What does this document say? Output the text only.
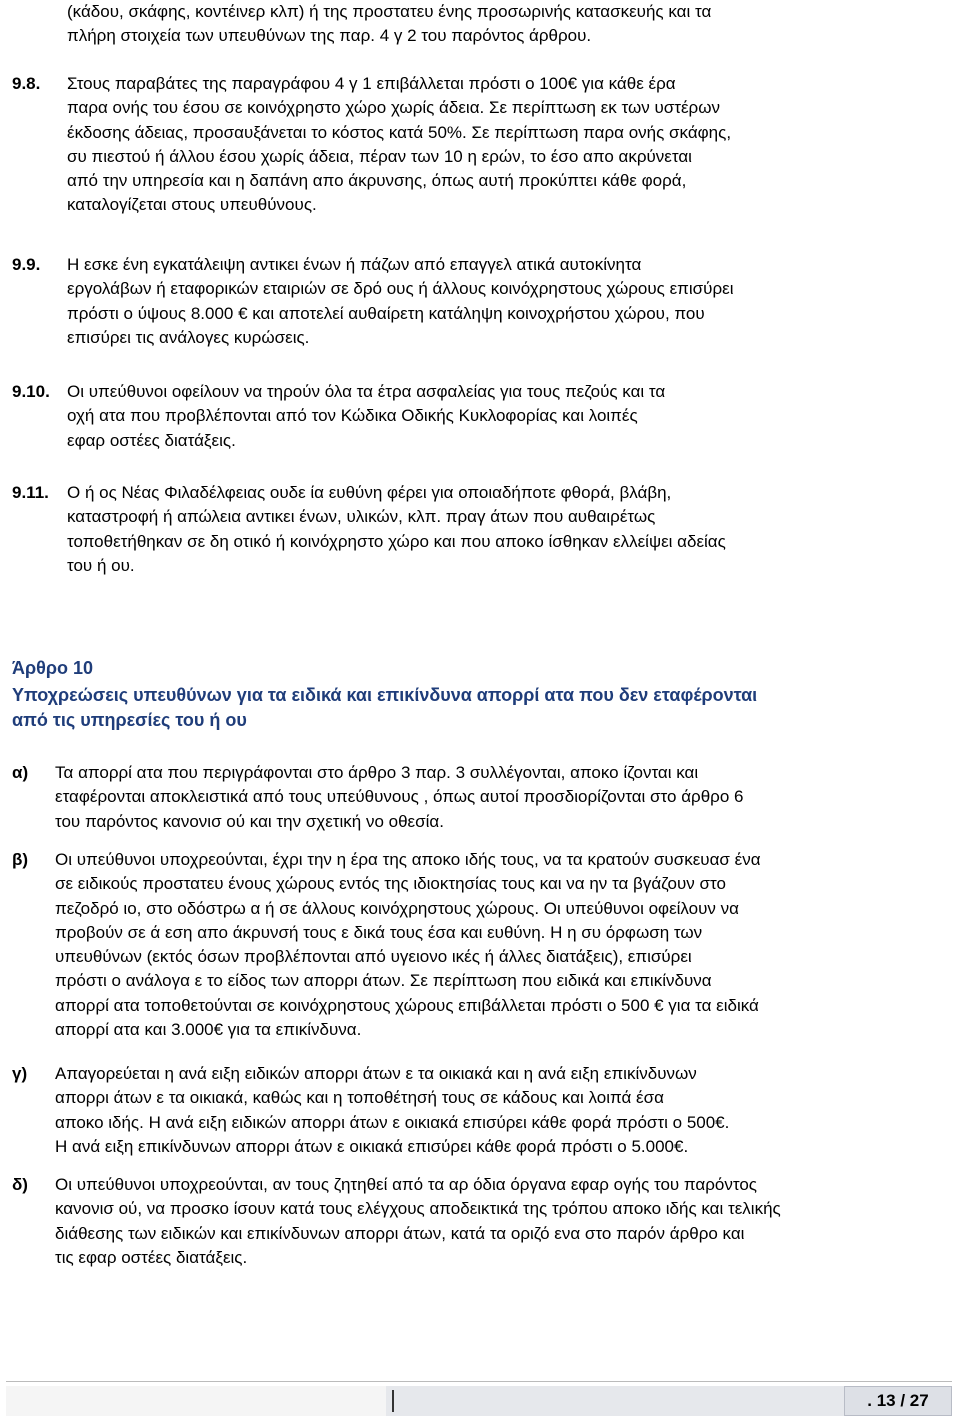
(κάδου, σκάφης, κοντέινερ κλπ) ή της προστατευ ένης προσωρινής κατασκευής και τα
πλήρη στοιχεία των υπευθύνων της παρ. 4 γ 2 του παρόντος άρθρου.
9.8. Στους παραβάτες της παραγράφου 4 γ 1 επιβάλλεται πρόστι ο 100€ για κάθε έρα
παρα ονής του έσου σε κοινόχρηστο χώρο χωρίς άδεια. Σε περίπτωση εκ των υστέρων
έκδοσης άδειας, προσαυξάνεται το κόστος κατά 50%. Σε περίπτωση παρα ονής σκάφης,
συ πιεστού ή άλλου έσου χωρίς άδεια, πέραν των 10 η ερών, το έσο απο ακρύνεται
από την υπηρεσία και η δαπάνη απο άκρυνσης, όπως αυτή προκύπτει κάθε φορά,
καταλογίζεται στους υπευθύνους.
9.9. Η εσκε ένη εγκατάλειψη αντικει ένων ή πάζων από επαγγελ ατικά αυτοκίνητα
εργολάβων ή εταφορικών εταιριών σε δρό ους ή άλλους κοινόχρηστους χώρους επισύρει
πρόστι ο ύψους 8.000 € και αποτελεί αυθαίρετη κατάληψη κοινοχρήστου χώρου, που
επισύρει τις ανάλογες κυρώσεις.
9.10. Οι υπεύθυνοι οφείλουν να τηρούν όλα τα έτρα ασφαλείας για τους πεζούς και τα
οχή ατα που προβλέπονται από τον Κώδικα Οδικής Κυκλοφορίας και λοιπές
εφαρ οστέες διατάξεις.
9.11. Ο ή ος Νέας Φιλαδέλφειας ουδε ία ευθύνη φέρει για οποιαδήποτε φθορά, βλάβη,
καταστροφή ή απώλεια αντικει ένων, υλικών, κλπ. πραγ άτων που αυθαιρέτως
τοποθετήθηκαν σε δη οτικό ή κοινόχρηστο χώρο και που αποκο ίσθηκαν ελλείψει αδείας
του ή ου.
Άρθρο 10
Υποχρεώσεις υπευθύνων για τα ειδικά και επικίνδυνα απορρί ατα που δεν εταφέρονται
από τις υπηρεσίες του ή ου
α) Τα απορρί ατα που περιγράφονται στο άρθρο 3 παρ. 3 συλλέγονται, αποκο ίζονται και
εταφέρονται αποκλειστικά από τους υπεύθυνους , όπως αυτοί προσδιορίζονται στο άρθρο 6
του παρόντος κανονισ ού και την σχετική νο οθεσία.
β) Οι υπεύθυνοι υποχρεούνται, έχρι την η έρα της αποκο ιδής τους, να τα κρατούν συσκευασ ένα
σε ειδικούς προστατευ ένους χώρους εντός της ιδιοκτησίας τους και να ην τα βγάζουν στο
πεζοδρό ιο, στο οδόστρω α ή σε άλλους κοινόχρηστους χώρους. Οι υπεύθυνοι οφείλουν να
προβούν σε ά εση απο άκρυνσή τους ε δικά τους έσα και ευθύνη. Η η συ όρφωση των
υπευθύνων (εκτός όσων προβλέπονται από υγειονο ικές ή άλλες διατάξεις), επισύρει
πρόστι ο ανάλογα ε το είδος των απορρι άτων. Σε περίπτωση που ειδικά και επικίνδυνα
απορρί ατα τοποθετούνται σε κοινόχρηστους χώρους επιβάλλεται πρόστι ο 500 € για τα ειδικά
απορρί ατα και 3.000€ για τα επικίνδυνα.
γ) Απαγορεύεται η ανά ειξη ειδικών απορρι άτων ε τα οικιακά και η ανά ειξη επικίνδυνων
απορρι άτων ε τα οικιακά, καθώς και η τοποθέτησή τους σε κάδους και λοιπά έσα
αποκο ιδής. Η ανά ειξη ειδικών απορρι άτων ε οικιακά επισύρει κάθε φορά πρόστι ο 500€.
Η ανά ειξη επικίνδυνων απορρι άτων ε οικιακά επισύρει κάθε φορά πρόστι ο 5.000€.
δ) Οι υπεύθυνοι υποχρεούνται, αν τους ζητηθεί από τα αρ όδια όργανα εφαρ ογής του παρόντος
κανονισ ού, να προσκο ίσουν κατά τους ελέγχους αποδεικτικά της τρόπου αποκο ιδής και τελικής
διάθεσης των ειδικών και επικίνδυνων απορρι άτων, κατά τα οριζό ενα στο παρόν άρθρο και
τις εφαρ οστέες διατάξεις.
. 13 / 27
